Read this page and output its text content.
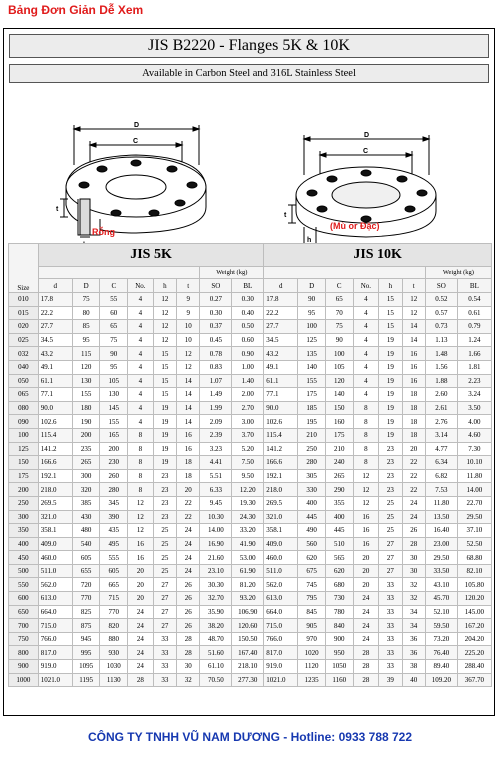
Bảng Đơn Giản Dễ Xem
JIS B2220 - Flanges 5K & 10K
Available in Carbon Steel and 316L Stainless Steel
D
C
t
D
C
t
h
Rỗng
(Mù or Đặc)
Size	JIS 5K								JIS 10K							
							Weight (kg)								Weight (kg)	
	d	D	C	No.	h	t	SO	BL	d	D	C	No.	h	t	SO	BL
010	17.8	75	55	4	12	9	0.27	0.30	17.8	90	65	4	15	12	0.52	0.54
015	22.2	80	60	4	12	9	0.30	0.40	22.2	95	70	4	15	12	0.57	0.61
020	27.7	85	65	4	12	10	0.37	0.50	27.7	100	75	4	15	14	0.73	0.79
025	34.5	95	75	4	12	10	0.45	0.60	34.5	125	90	4	19	14	1.13	1.24
032	43.2	115	90	4	15	12	0.78	0.90	43.2	135	100	4	19	16	1.48	1.66
040	49.1	120	95	4	15	12	0.83	1.00	49.1	140	105	4	19	16	1.56	1.81
050	61.1	130	105	4	15	14	1.07	1.40	61.1	155	120	4	19	16	1.88	2.23
065	77.1	155	130	4	15	14	1.49	2.00	77.1	175	140	4	19	18	2.60	3.24
080	90.0	180	145	4	19	14	1.99	2.70	90.0	185	150	8	19	18	2.61	3.50
090	102.6	190	155	4	19	14	2.09	3.00	102.6	195	160	8	19	18	2.76	4.00
100	115.4	200	165	8	19	16	2.39	3.70	115.4	210	175	8	19	18	3.14	4.60
125	141.2	235	200	8	19	16	3.23	5.20	141.2	250	210	8	23	20	4.77	7.30
150	166.6	265	230	8	19	18	4.41	7.50	166.6	280	240	8	23	22	6.34	10.10
175	192.1	300	260	8	23	18	5.51	9.50	192.1	305	265	12	23	22	6.82	11.80
200	218.0	320	280	8	23	20	6.33	12.20	218.0	330	290	12	23	22	7.53	14.00
250	269.5	385	345	12	23	22	9.45	19.30	269.5	400	355	12	25	24	11.80	22.70
300	321.0	430	390	12	23	22	10.30	24.30	321.0	445	400	16	25	24	13.50	29.50
350	358.1	480	435	12	25	24	14.00	33.20	358.1	490	445	16	25	26	16.40	37.10
400	409.0	540	495	16	25	24	16.90	41.90	409.0	560	510	16	27	28	23.00	52.50
450	460.0	605	555	16	25	24	21.60	53.00	460.0	620	565	20	27	30	29.50	68.80
500	511.0	655	605	20	25	24	23.10	61.90	511.0	675	620	20	27	30	33.50	82.10
550	562.0	720	665	20	27	26	30.30	81.20	562.0	745	680	20	33	32	43.10	105.80
600	613.0	770	715	20	27	26	32.70	93.20	613.0	795	730	24	33	32	45.70	120.20
650	664.0	825	770	24	27	26	35.90	106.90	664.0	845	780	24	33	34	52.10	145.00
700	715.0	875	820	24	27	26	38.20	120.60	715.0	905	840	24	33	34	59.50	167.20
750	766.0	945	880	24	33	28	48.70	150.50	766.0	970	900	24	33	36	73.20	204.20
800	817.0	995	930	24	33	28	51.60	167.40	817.0	1020	950	28	33	36	76.40	225.20
900	919.0	1095	1030	24	33	30	61.10	218.10	919.0	1120	1050	28	33	38	89.40	288.40
1000	1021.0	1195	1130	28	33	32	70.50	277.30	1021.0	1235	1160	28	39	40	109.20	367.70
CÔNG TY TNHH VŨ NAM DƯƠNG - Hotline: 0933 788 722
